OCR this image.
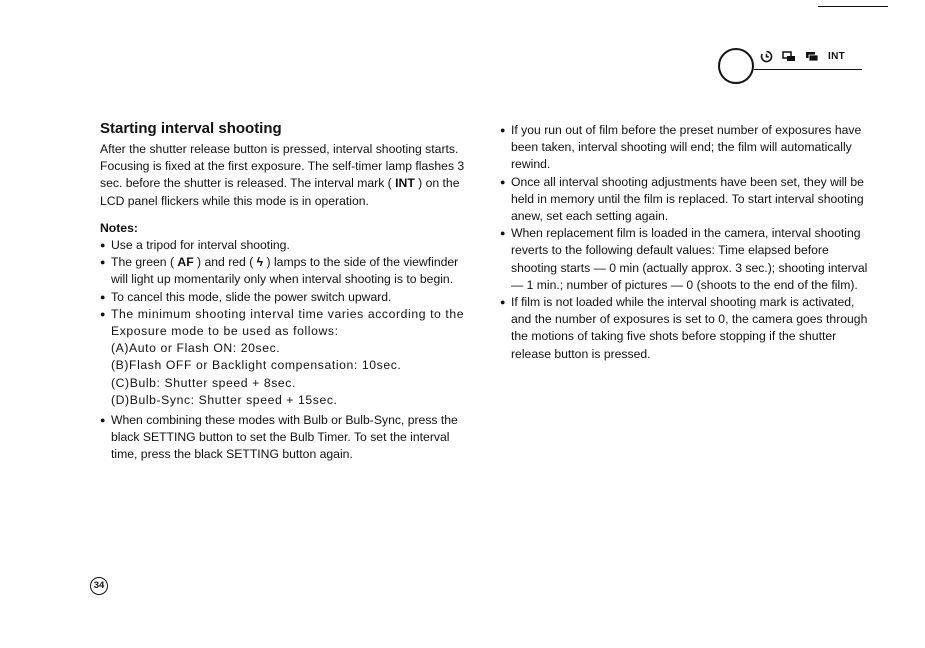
INT
Starting interval shooting

After the shutter release button is pressed, interval shooting starts. Focusing is fixed at the first exposure. The self-timer lamp flashes 3 sec. before the shutter is released. The interval mark ( INT ) on the LCD panel flickers while this mode is in operation.

Notes:

● Use a tripod for interval shooting.
● The green ( AF ) and red ( ϟ ) lamps to the side of the viewfinder will light up momentarily only when interval shooting is to begin.
● To cancel this mode, slide the power switch upward.
● The minimum shooting interval time varies according to the Exposure mode to be used as follows:
(A)Auto or Flash ON: 20sec.
(B)Flash OFF or Backlight compensation: 10sec.
(C)Bulb: Shutter speed + 8sec.
(D)Bulb-Sync: Shutter speed + 15sec.
● When combining these modes with Bulb or Bulb-Sync, press the black SETTING button to set the Bulb Timer. To set the interval time, press the black SETTING button again.
● If you run out of film before the preset number of exposures have been taken, interval shooting will end; the film will automatically rewind.
● Once all interval shooting adjustments have been set, they will be held in memory until the film is replaced. To start interval shooting anew, set each setting again.
● When replacement film is loaded in the camera, interval shooting reverts to the following default values: Time elapsed before shooting starts — 0 min (actually approx. 3 sec.); shooting interval — 1 min.; number of pictures — 0 (shoots to the end of the film).
● If film is not loaded while the interval shooting mark is activated, and the number of exposures is set to 0, the camera goes through the motions of taking five shots before stopping if the shutter release button is pressed.
34
